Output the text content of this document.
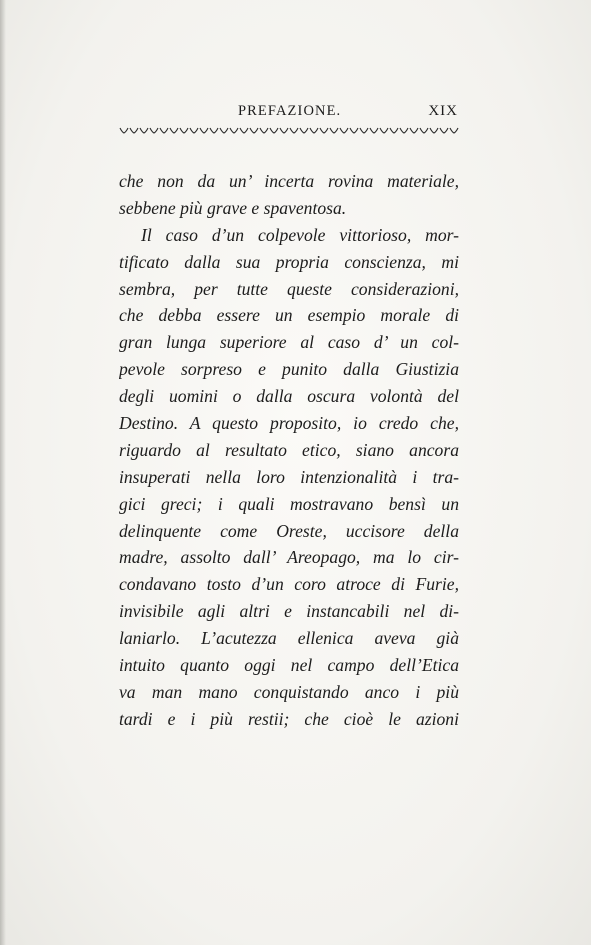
PREFAZIONE.	XIX
che non da un’ incerta rovina materiale,
sebbene più grave e spaventosa.
Il caso d’un colpevole vittorioso, mor-
tificato dalla sua propria conscienza, mi
sembra, per tutte queste considerazioni,
che debba essere un esempio morale di
gran lunga superiore al caso d’ un col-
pevole sorpreso e punito dalla Giustizia
degli uomini o dalla oscura volontà del
Destino. A questo proposito, io credo che,
riguardo al resultato etico, siano ancora
insuperati nella loro intenzionalità i tra-
gici greci; i quali mostravano bensì un
delinquente come Oreste, uccisore della
madre, assolto dall’ Areopago, ma lo cir-
condavano tosto d’un coro atroce di Furie,
invisibile agli altri e instancabili nel di-
laniarlo. L’acutezza ellenica aveva già
intuito quanto oggi nel campo dell’Etica
va man mano conquistando anco i più
tardi e i più restii; che cioè le azioni
